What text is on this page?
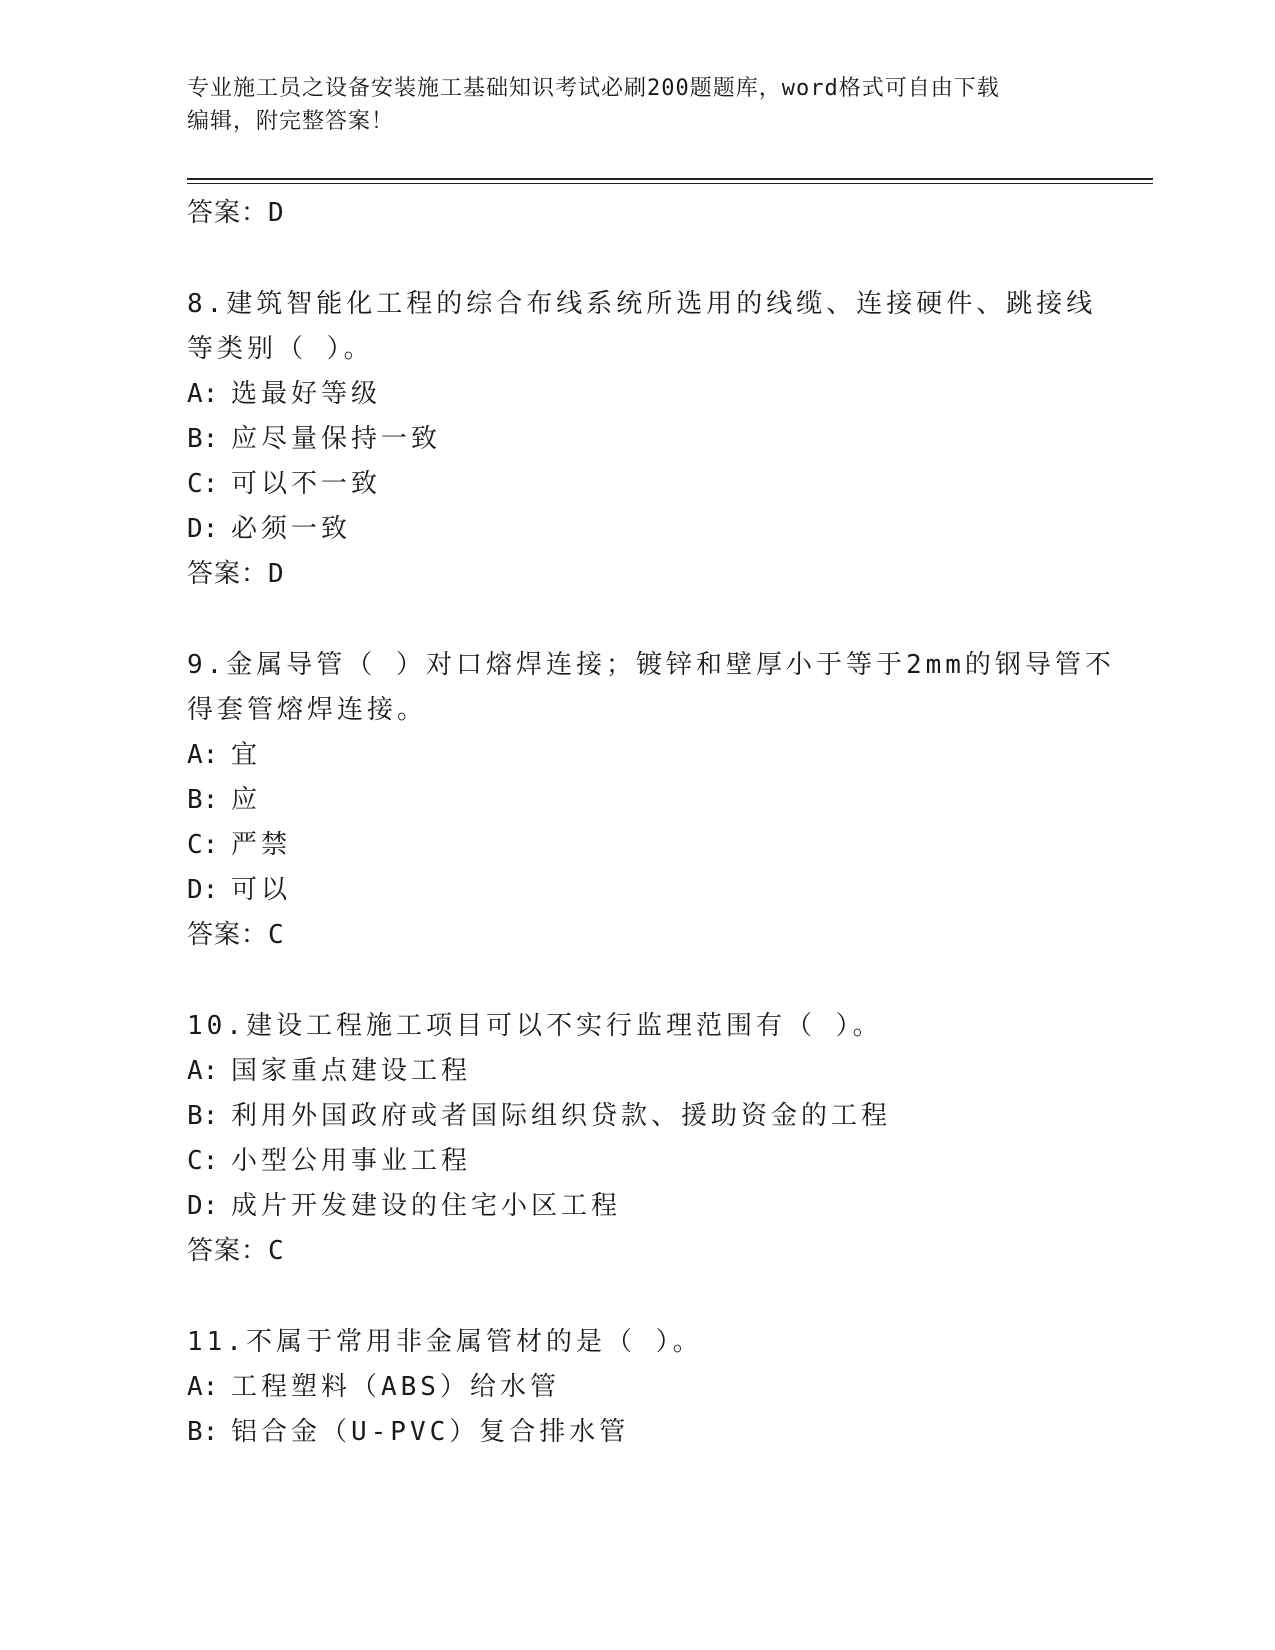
专业施工员之设备安装施工基础知识考试必刷200题题库，word格式可自由下载
编辑，附完整答案！
答案：D
8.建筑智能化工程的综合布线系统所选用的线缆、连接硬件、跳接线
等类别（ ）。
A: 选最好等级
B: 应尽量保持一致
C: 可以不一致
D: 必须一致
答案：D
9.金属导管（ ）对口熔焊连接；镀锌和壁厚小于等于2mm的钢导管不
得套管熔焊连接。
A: 宜
B: 应
C: 严禁
D: 可以
答案：C
10.建设工程施工项目可以不实行监理范围有（ ）。
A: 国家重点建设工程
B: 利用外国政府或者国际组织贷款、援助资金的工程
C: 小型公用事业工程
D: 成片开发建设的住宅小区工程
答案：C
11.不属于常用非金属管材的是（ ）。
A: 工程塑料（ABS）给水管
B: 铝合金（U-PVC）复合排水管
